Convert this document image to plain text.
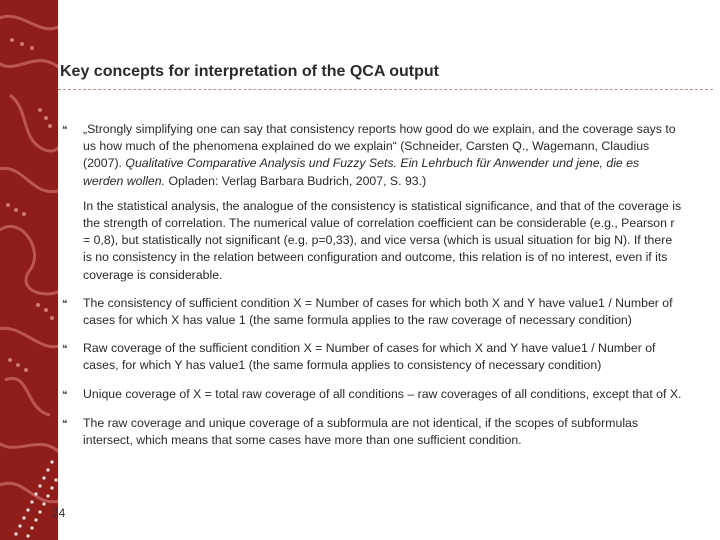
Key concepts for interpretation of the QCA output
❝	„Strongly simplifying one can say that consistency reports how good do we explain, and the coverage says to us how much of the phenomena explained do we explain“ (Schneider, Carsten Q., Wagemann, Claudius (2007). Qualitative Comparative Analysis und Fuzzy Sets. Ein Lehrbuch für Anwender und jene, die es werden wollen. Opladen: Verlag Barbara Budrich, 2007, S. 93.)
In the statistical analysis, the analogue of the consistency is statistical significance, and that of the coverage is the strength of correlation. The numerical value of correlation coefficient can be considerable (e.g., Pearson r = 0,8), but statistically not significant (e.g. p=0,33), and vice versa (which is usual situation for big N). If there is no consistency in the relation between configuration and outcome, this relation is of no interest, even if its coverage is considerable.
❝	The consistency of sufficient condition X = Number of cases for which both X and Y have value1 / Number of cases for which X has value 1 (the same formula applies to the raw coverage of necessary condition)
❝	Raw coverage of the sufficient condition X = Number of cases for which X and Y have value1 / Number of cases, for which Y has value1 (the same formula applies to consistency of necessary condition)
❝	Unique coverage of X = total raw coverage of all conditions – raw coverages of all conditions, except that of X.
❝	The raw coverage and unique coverage of a subformula are not identical, if the scopes of subformulas intersect, which means that some cases have more than one sufficient condition.
24
